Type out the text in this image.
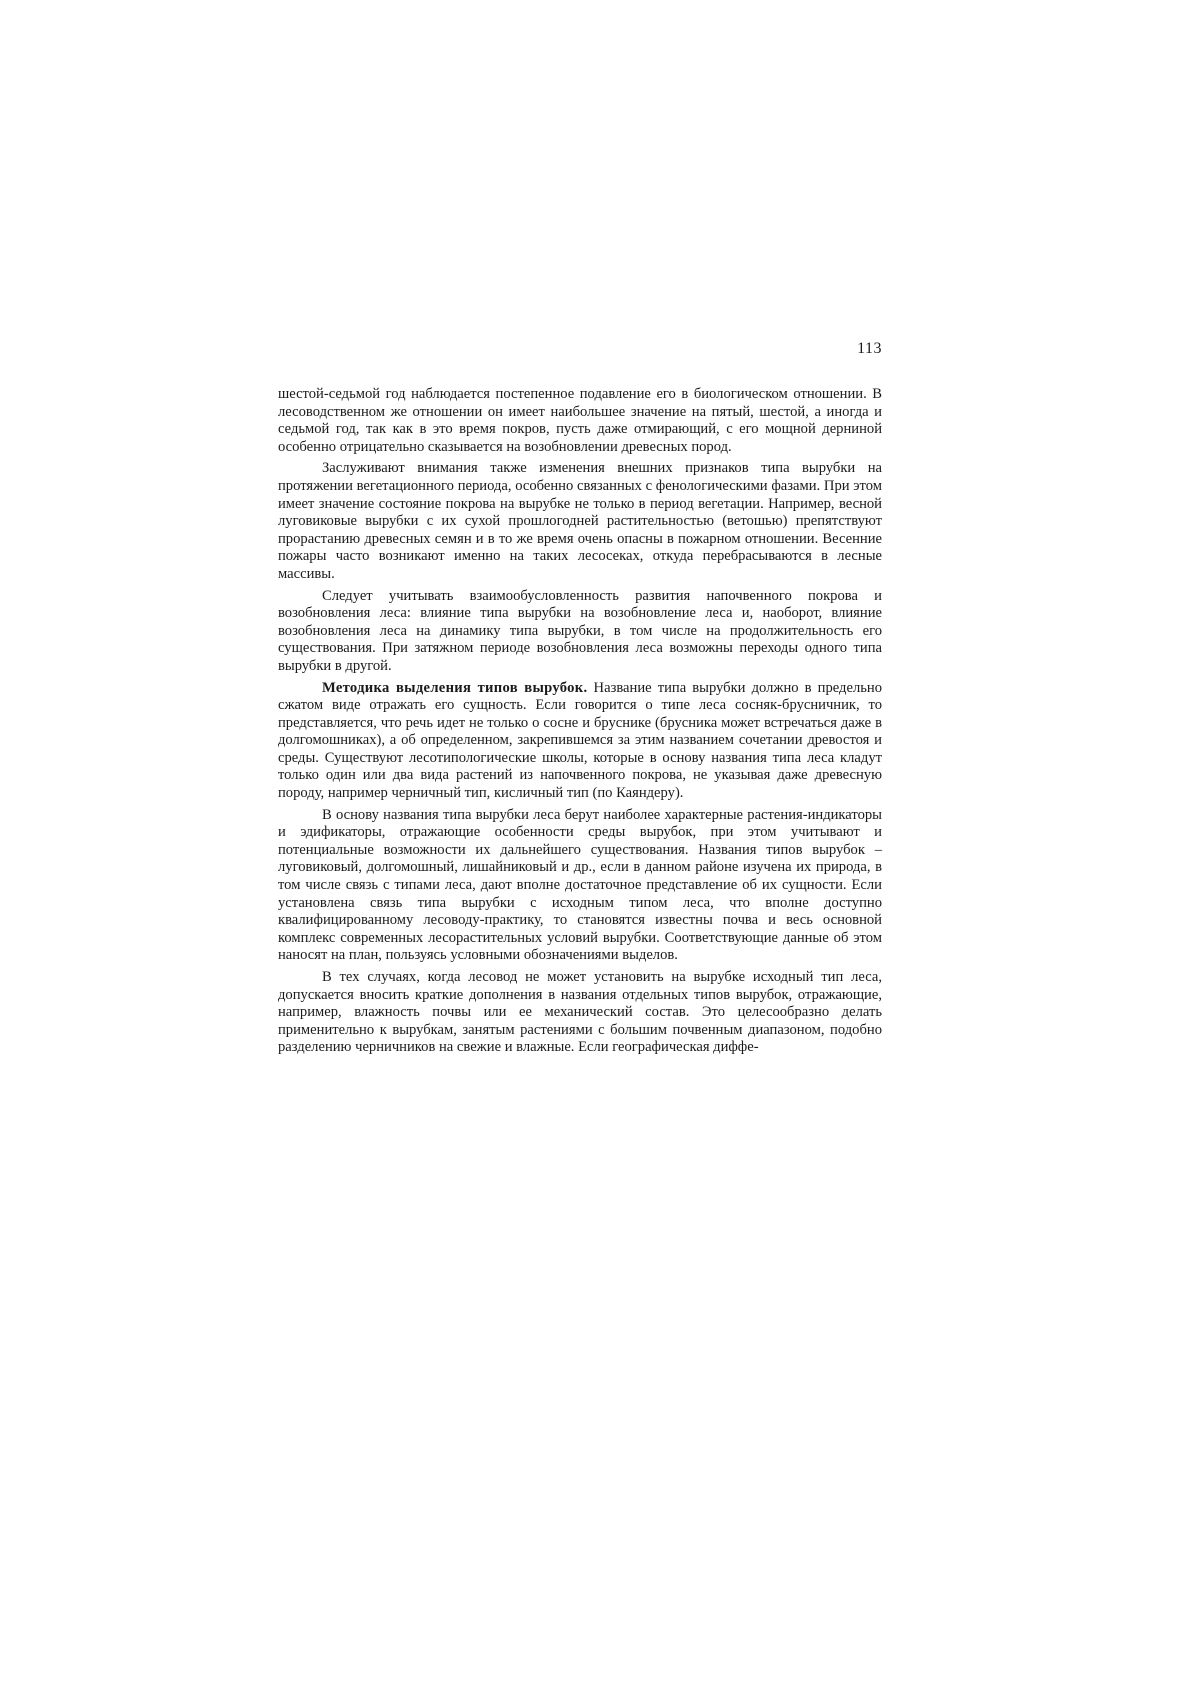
113

шестой-седьмой год наблюдается постепенное подавление его в биологическом отношении. В лесоводственном же отношении он имеет наибольшее значение на пятый, шестой, а иногда и седьмой год, так как в это время покров, пусть даже отмирающий, с его мощной дерниной особенно отрицательно сказывается на возобновлении древесных пород.

Заслуживают внимания также изменения внешних признаков типа вырубки на протяжении вегетационного периода, особенно связанных с фенологическими фазами. При этом имеет значение состояние покрова на вырубке не только в период вегетации. Например, весной луговиковые вырубки с их сухой прошлогодней растительностью (ветошью) препятствуют прорастанию древесных семян и в то же время очень опасны в пожарном отношении. Весенние пожары часто возникают именно на таких лесосеках, откуда перебрасываются в лесные массивы.

Следует учитывать взаимообусловленность развития напочвенного покрова и возобновления леса: влияние типа вырубки на возобновление леса и, наоборот, влияние возобновления леса на динамику типа вырубки, в том числе на продолжительность его существования. При затяжном периоде возобновления леса возможны переходы одного типа вырубки в другой.

Методика выделения типов вырубок. Название типа вырубки должно в предельно сжатом виде отражать его сущность. Если говорится о типе леса сосняк-брусничник, то представляется, что речь идет не только о сосне и бруснике (брусника может встречаться даже в долгомошниках), а об определенном, закрепившемся за этим названием сочетании древостоя и среды. Существуют лесотипологические школы, которые в основу названия типа леса кладут только один или два вида растений из напочвенного покрова, не указывая даже древесную породу, например черничный тип, кисличный тип (по Каяндеру).

В основу названия типа вырубки леса берут наиболее характерные растения-индикаторы и эдификаторы, отражающие особенности среды вырубок, при этом учитывают и потенциальные возможности их дальнейшего существования. Названия типов вырубок – луговиковый, долгомошный, лишайниковый и др., если в данном районе изучена их природа, в том числе связь с типами леса, дают вполне достаточное представление об их сущности. Если установлена связь типа вырубки с исходным типом леса, что вполне доступно квалифицированному лесоводу-практику, то становятся известны почва и весь основной комплекс современных лесорастительных условий вырубки. Соответствующие данные об этом наносят на план, пользуясь условными обозначениями выделов.

В тех случаях, когда лесовод не может установить на вырубке исходный тип леса, допускается вносить краткие дополнения в названия отдельных типов вырубок, отражающие, например, влажность почвы или ее механический состав. Это целесообразно делать применительно к вырубкам, занятым растениями с большим почвенным диапазоном, подобно разделению черничников на свежие и влажные. Если географическая диффе-
